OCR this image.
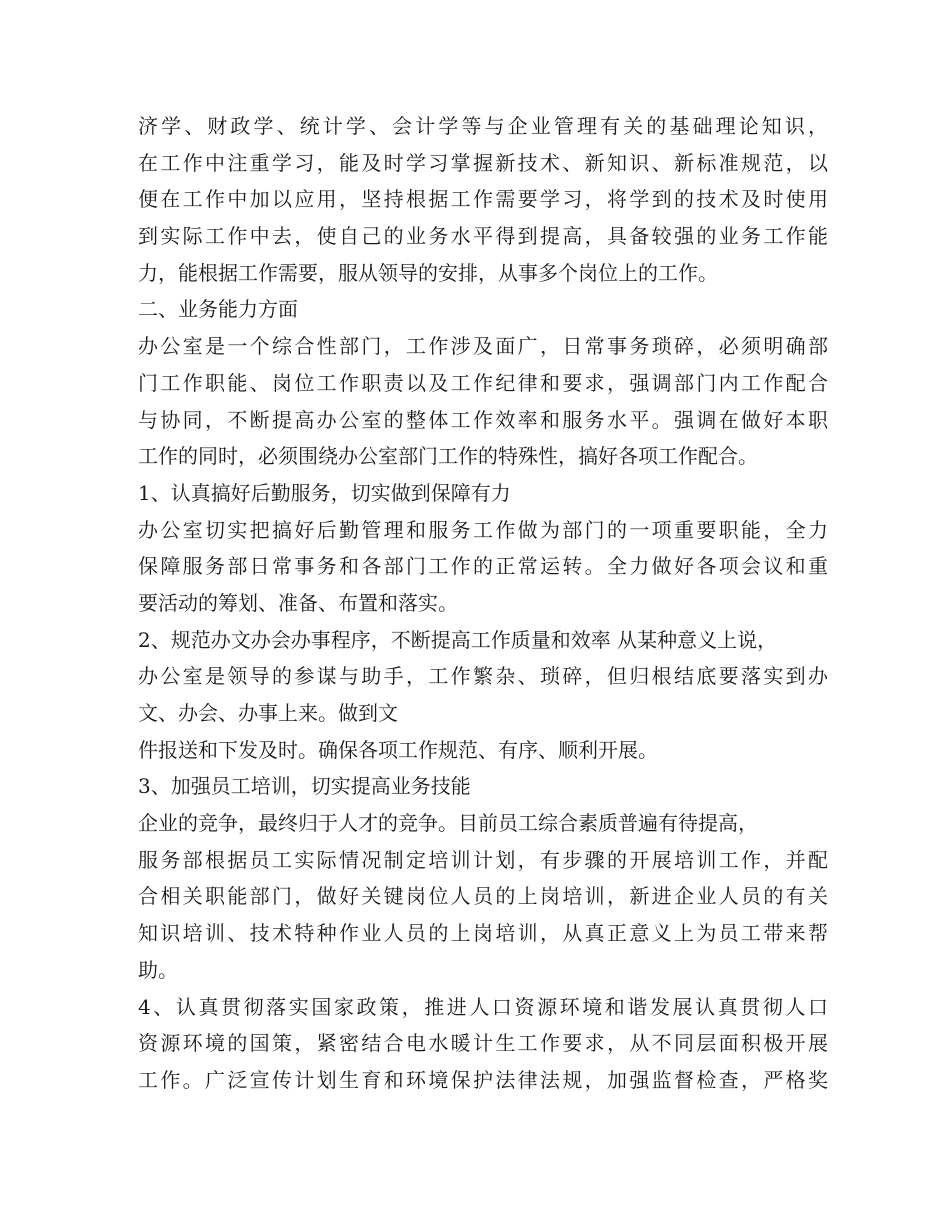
济学、财政学、统计学、会计学等与企业管理有关的基础理论知识，
在工作中注重学习，能及时学习掌握新技术、新知识、新标准规范，以
便在工作中加以应用，坚持根据工作需要学习，将学到的技术及时使用
到实际工作中去，使自己的业务水平得到提高，具备较强的业务工作能
力，能根据工作需要，服从领导的安排，从事多个岗位上的工作。
二、业务能力方面
办公室是一个综合性部门，工作涉及面广，日常事务琐碎，必须明确部
门工作职能、岗位工作职责以及工作纪律和要求，强调部门内工作配合
与协同，不断提高办公室的整体工作效率和服务水平。强调在做好本职
工作的同时，必须围绕办公室部门工作的特殊性，搞好各项工作配合。
1、认真搞好后勤服务，切实做到保障有力
办公室切实把搞好后勤管理和服务工作做为部门的一项重要职能，全力
保障服务部日常事务和各部门工作的正常运转。全力做好各项会议和重
要活动的筹划、准备、布置和落实。
2、规范办文办会办事程序，不断提高工作质量和效率 从某种意义上说，
办公室是领导的参谋与助手，工作繁杂、琐碎，但归根结底要落实到办
文、办会、办事上来。做到文
件报送和下发及时。确保各项工作规范、有序、顺利开展。
3、加强员工培训，切实提高业务技能
企业的竞争，最终归于人才的竞争。目前员工综合素质普遍有待提高，
服务部根据员工实际情况制定培训计划，有步骤的开展培训工作，并配
合相关职能部门，做好关键岗位人员的上岗培训，新进企业人员的有关
知识培训、技术特种作业人员的上岗培训，从真正意义上为员工带来帮
助。
4、认真贯彻落实国家政策，推进人口资源环境和谐发展认真贯彻人口
资源环境的国策，紧密结合电水暖计生工作要求，从不同层面积极开展
工作。广泛宣传计划生育和环境保护法律法规，加强监督检查，严格奖
